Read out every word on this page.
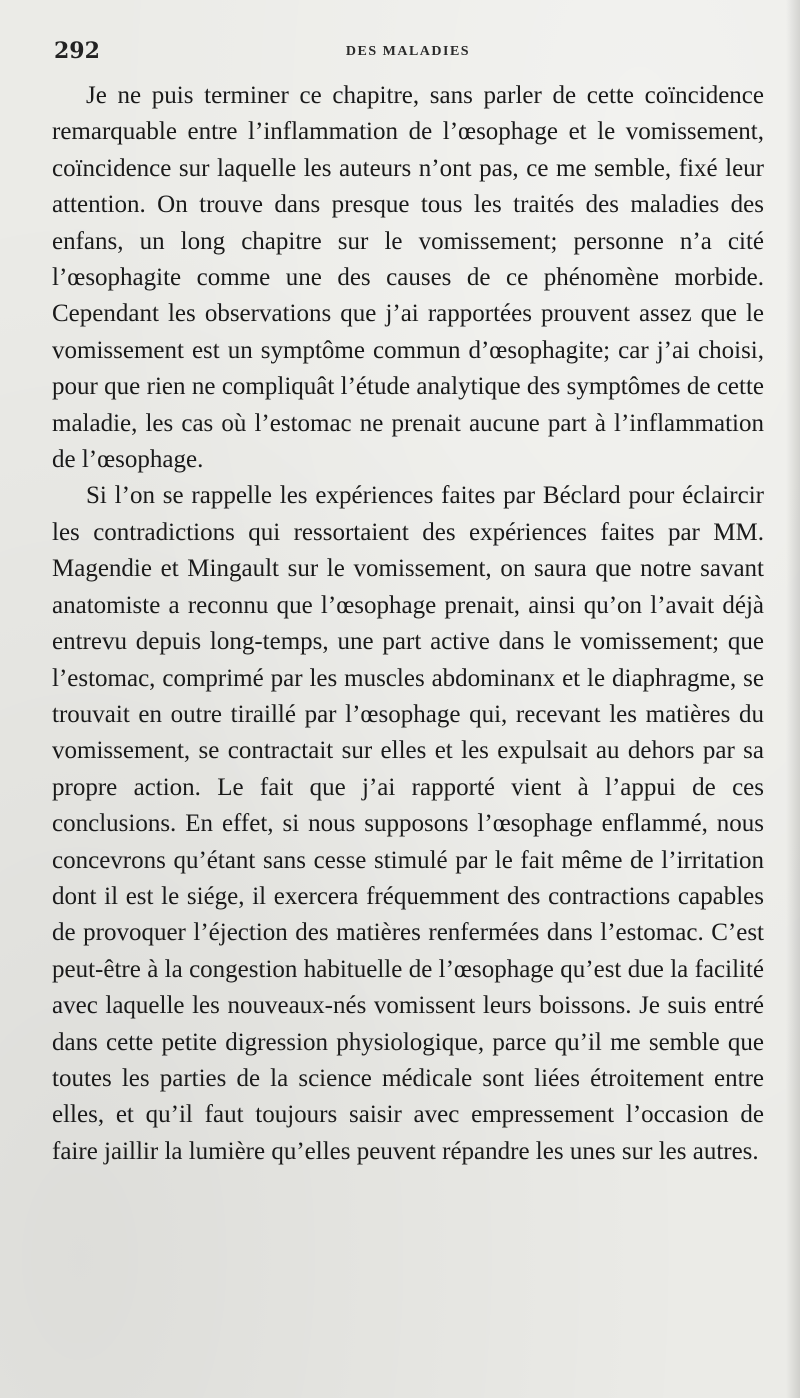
292	DES MALADIES

Je ne puis terminer ce chapitre, sans parler de cette coïncidence remarquable entre l’inflammation de l’œsophage et le vomissement, coïncidence sur laquelle les auteurs n’ont pas, ce me semble, fixé leur attention. On trouve dans presque tous les traités des maladies des enfans, un long chapitre sur le vomissement; personne n’a cité l’œsophagite comme une des causes de ce phénomène morbide. Cependant les observations que j’ai rapportées prouvent assez que le vomissement est un symptôme commun d’œsophagite; car j’ai choisi, pour que rien ne compliquât l’étude analytique des symptômes de cette maladie, les cas où l’estomac ne prenait aucune part à l’inflammation de l’œsophage.

Si l’on se rappelle les expériences faites par Béclard pour éclaircir les contradictions qui ressortaient des expériences faites par MM. Magendie et Mingault sur le vomissement, on saura que notre savant anatomiste a reconnu que l’œsophage prenait, ainsi qu’on l’avait déjà entrevu depuis long-temps, une part active dans le vomissement; que l’estomac, comprimé par les muscles abdominanx et le diaphragme, se trouvait en outre tiraillé par l’œsophage qui, recevant les matières du vomissement, se contractait sur elles et les expulsait au dehors par sa propre action. Le fait que j’ai rapporté vient à l’appui de ces conclusions. En effet, si nous supposons l’œsophage enflammé, nous concevrons qu’étant sans cesse stimulé par le fait même de l’irritation dont il est le siége, il exercera fréquemment des contractions capables de provoquer l’éjection des matières renfermées dans l’estomac. C’est peut-être à la congestion habituelle de l’œsophage qu’est due la facilité avec laquelle les nouveaux-nés vomissent leurs boissons. Je suis entré dans cette petite digression physiologique, parce qu’il me semble que toutes les parties de la science médicale sont liées étroitement entre elles, et qu’il faut toujours saisir avec empressement l’occasion de faire jaillir la lumière qu’elles peuvent répandre les unes sur les autres.
